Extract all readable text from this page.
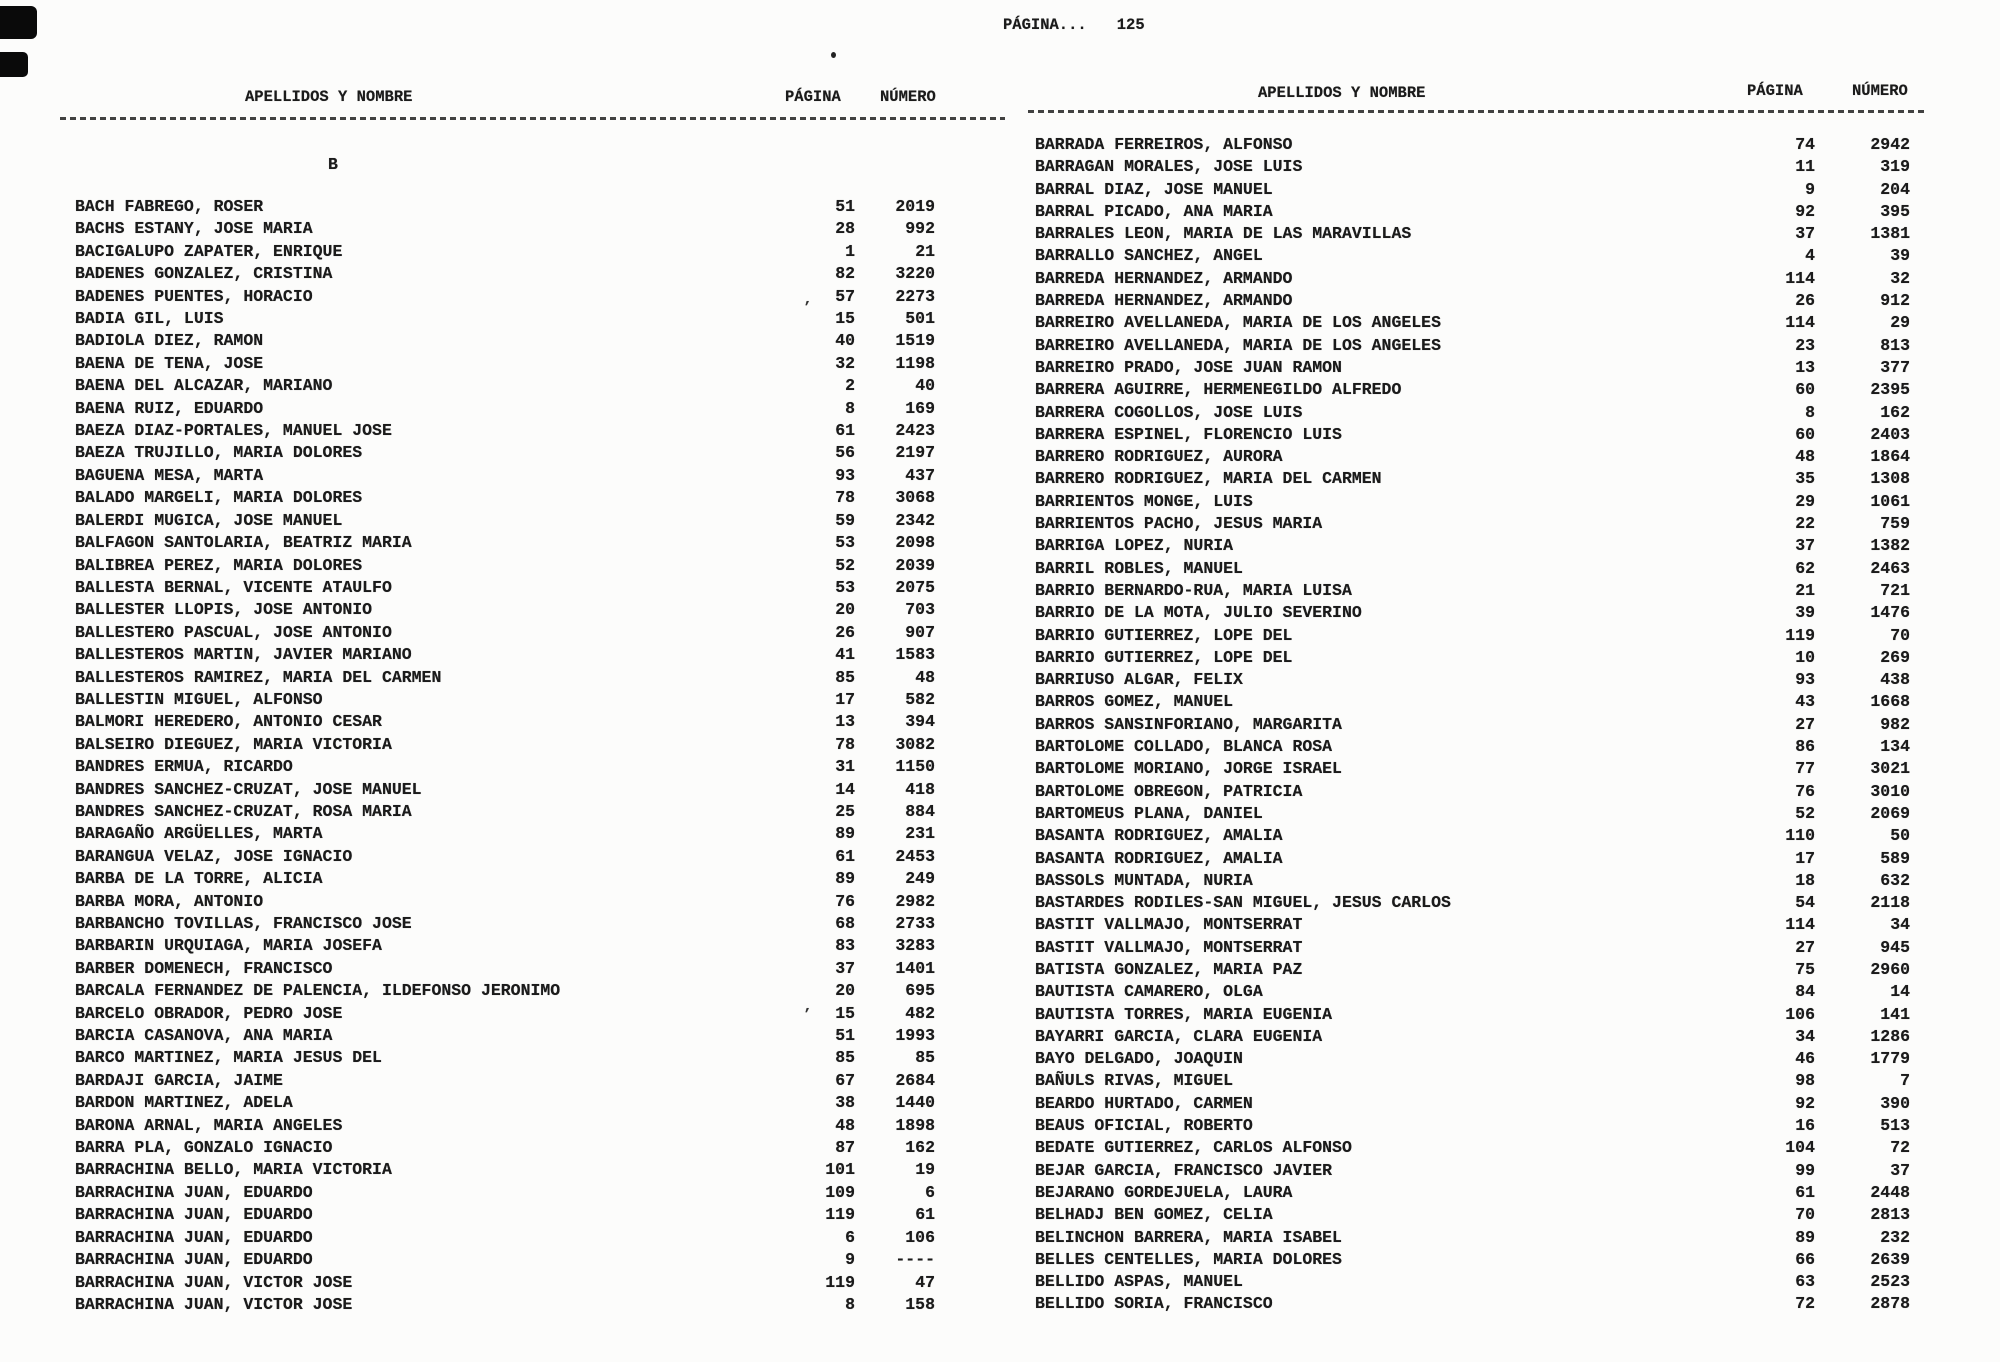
’
’
PÁGINA... 125
APELLIDOS Y NOMBRE	PÁGINA	NÚMERO	APELLIDOS Y NOMBRE	PÁGINA	NÚMERO
B
BACH FABREGO, ROSER	51	2019
BACHS ESTANY, JOSE MARIA	28	992
BACIGALUPO ZAPATER, ENRIQUE	1	21
BADENES GONZALEZ, CRISTINA	82	3220
BADENES PUENTES, HORACIO	57	2273
BADIA GIL, LUIS	15	501
BADIOLA DIEZ, RAMON	40	1519
BAENA DE TENA, JOSE	32	1198
BAENA DEL ALCAZAR, MARIANO	2	40
BAENA RUIZ, EDUARDO	8	169
BAEZA DIAZ-PORTALES, MANUEL JOSE	61	2423
BAEZA TRUJILLO, MARIA DOLORES	56	2197
BAGUENA MESA, MARTA	93	437
BALADO MARGELI, MARIA DOLORES	78	3068
BALERDI MUGICA, JOSE MANUEL	59	2342
BALFAGON SANTOLARIA, BEATRIZ MARIA	53	2098
BALIBREA PEREZ, MARIA DOLORES	52	2039
BALLESTA BERNAL, VICENTE ATAULFO	53	2075
BALLESTER LLOPIS, JOSE ANTONIO	20	703
BALLESTERO PASCUAL, JOSE ANTONIO	26	907
BALLESTEROS MARTIN, JAVIER MARIANO	41	1583
BALLESTEROS RAMIREZ, MARIA DEL CARMEN	85	48
BALLESTIN MIGUEL, ALFONSO	17	582
BALMORI HEREDERO, ANTONIO CESAR	13	394
BALSEIRO DIEGUEZ, MARIA VICTORIA	78	3082
BANDRES ERMUA, RICARDO	31	1150
BANDRES SANCHEZ-CRUZAT, JOSE MANUEL	14	418
BANDRES SANCHEZ-CRUZAT, ROSA MARIA	25	884
BARAGAÑO ARGÜELLES, MARTA	89	231
BARANGUA VELAZ, JOSE IGNACIO	61	2453
BARBA DE LA TORRE, ALICIA	89	249
BARBA MORA, ANTONIO	76	2982
BARBANCHO TOVILLAS, FRANCISCO JOSE	68	2733
BARBARIN URQUIAGA, MARIA JOSEFA	83	3283
BARBER DOMENECH, FRANCISCO	37	1401
BARCALA FERNANDEZ DE PALENCIA, ILDEFONSO JERONIMO	20	695
BARCELO OBRADOR, PEDRO JOSE	15	482
BARCIA CASANOVA, ANA MARIA	51	1993
BARCO MARTINEZ, MARIA JESUS DEL	85	85
BARDAJI GARCIA, JAIME	67	2684
BARDON MARTINEZ, ADELA	38	1440
BARONA ARNAL, MARIA ANGELES	48	1898
BARRA PLA, GONZALO IGNACIO	87	162
BARRACHINA BELLO, MARIA VICTORIA	101	19
BARRACHINA JUAN, EDUARDO	109	6
BARRACHINA JUAN, EDUARDO	119	61
BARRACHINA JUAN, EDUARDO	6	106
BARRACHINA JUAN, EDUARDO	9	----
BARRACHINA JUAN, VICTOR JOSE	119	47
BARRACHINA JUAN, VICTOR JOSE	8	158
BARRADA FERREIROS, ALFONSO	74	2942
BARRAGAN MORALES, JOSE LUIS	11	319
BARRAL DIAZ, JOSE MANUEL	9	204
BARRAL PICADO, ANA MARIA	92	395
BARRALES LEON, MARIA DE LAS MARAVILLAS	37	1381
BARRALLO SANCHEZ, ANGEL	4	39
BARREDA HERNANDEZ, ARMANDO	114	32
BARREDA HERNANDEZ, ARMANDO	26	912
BARREIRO AVELLANEDA, MARIA DE LOS ANGELES	114	29
BARREIRO AVELLANEDA, MARIA DE LOS ANGELES	23	813
BARREIRO PRADO, JOSE JUAN RAMON	13	377
BARRERA AGUIRRE, HERMENEGILDO ALFREDO	60	2395
BARRERA COGOLLOS, JOSE LUIS	8	162
BARRERA ESPINEL, FLORENCIO LUIS	60	2403
BARRERO RODRIGUEZ, AURORA	48	1864
BARRERO RODRIGUEZ, MARIA DEL CARMEN	35	1308
BARRIENTOS MONGE, LUIS	29	1061
BARRIENTOS PACHO, JESUS MARIA	22	759
BARRIGA LOPEZ, NURIA	37	1382
BARRIL ROBLES, MANUEL	62	2463
BARRIO BERNARDO-RUA, MARIA LUISA	21	721
BARRIO DE LA MOTA, JULIO SEVERINO	39	1476
BARRIO GUTIERREZ, LOPE DEL	119	70
BARRIO GUTIERREZ, LOPE DEL	10	269
BARRIUSO ALGAR, FELIX	93	438
BARROS GOMEZ, MANUEL	43	1668
BARROS SANSINFORIANO, MARGARITA	27	982
BARTOLOME COLLADO, BLANCA ROSA	86	134
BARTOLOME MORIANO, JORGE ISRAEL	77	3021
BARTOLOME OBREGON, PATRICIA	76	3010
BARTOMEUS PLANA, DANIEL	52	2069
BASANTA RODRIGUEZ, AMALIA	110	50
BASANTA RODRIGUEZ, AMALIA	17	589
BASSOLS MUNTADA, NURIA	18	632
BASTARDES RODILES-SAN MIGUEL, JESUS CARLOS	54	2118
BASTIT VALLMAJO, MONTSERRAT	114	34
BASTIT VALLMAJO, MONTSERRAT	27	945
BATISTA GONZALEZ, MARIA PAZ	75	2960
BAUTISTA CAMARERO, OLGA	84	14
BAUTISTA TORRES, MARIA EUGENIA	106	141
BAYARRI GARCIA, CLARA EUGENIA	34	1286
BAYO DELGADO, JOAQUIN	46	1779
BAÑULS RIVAS, MIGUEL	98	7
BEARDO HURTADO, CARMEN	92	390
BEAUS OFICIAL, ROBERTO	16	513
BEDATE GUTIERREZ, CARLOS ALFONSO	104	72
BEJAR GARCIA, FRANCISCO JAVIER	99	37
BEJARANO GORDEJUELA, LAURA	61	2448
BELHADJ BEN GOMEZ, CELIA	70	2813
BELINCHON BARRERA, MARIA ISABEL	89	232
BELLES CENTELLES, MARIA DOLORES	66	2639
BELLIDO ASPAS, MANUEL	63	2523
BELLIDO SORIA, FRANCISCO	72	2878
